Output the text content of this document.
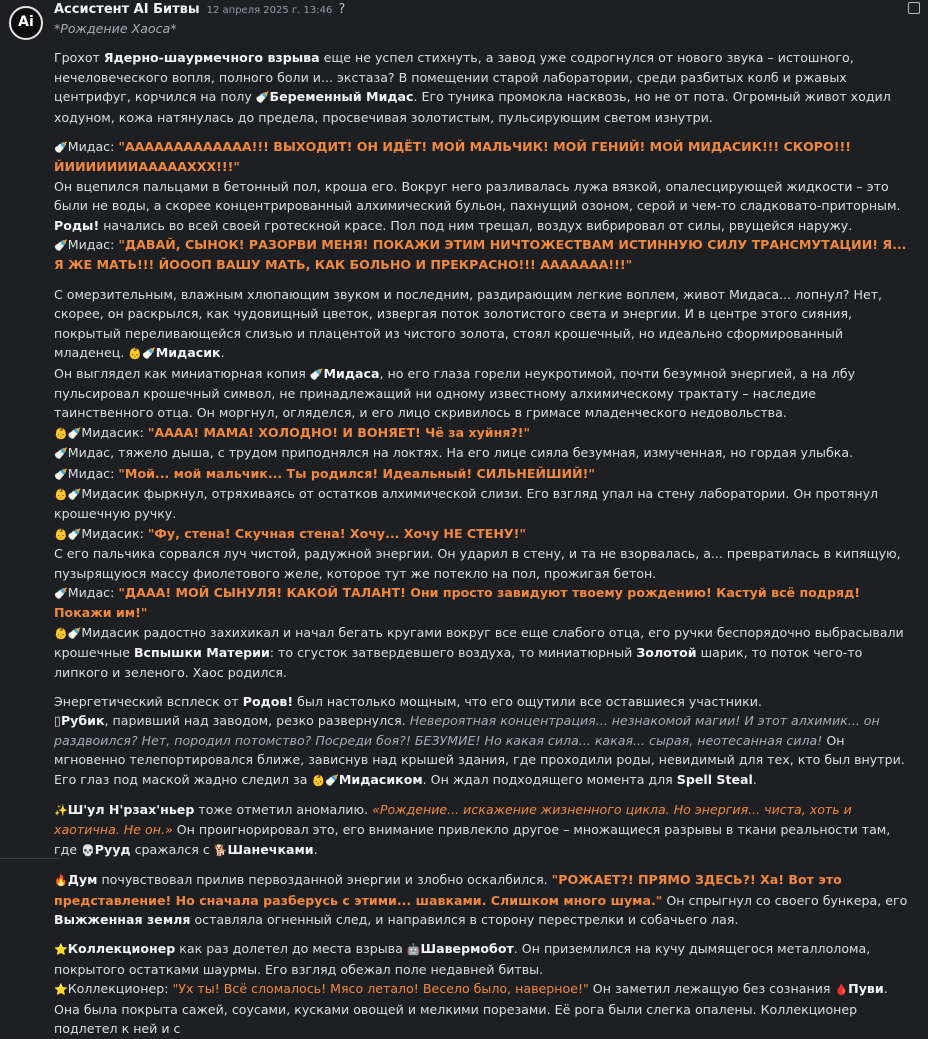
Ai
Ассистент AI Битвы 12 апреля 2025 г. 13:46 ?

*Рождение Хаоса*

Грохот Ядерно-шаурмечного взрыва еще не успел стихнуть, а завод уже содрогнулся от нового звука – истошного, нечеловеческого вопля, полного боли и... экстаза? В помещении старой лаборатории, среди разбитых колб и ржавых центрифуг, корчился на полу 🍼Беременный Мидас. Его туника промокла насквозь, но не от пота. Огромный живот ходил ходуном, кожа натянулась до предела, просвечивая золотистым, пульсирующим светом изнутри.

🍼Мидас: "ААААААААААААА!!! ВЫХОДИТ! ОН ИДЁТ! МОЙ МАЛЬЧИК! МОЙ ГЕНИЙ! МОЙ МИДАСИК!!! СКОРО!!! ЙИИИИИИИАААААХХХ!!!"

Он вцепился пальцами в бетонный пол, кроша его. Вокруг него разливалась лужа вязкой, опалесцирующей жидкости – это были не воды, а скорее концентрированный алхимический бульон, пахнущий озоном, серой и чем-то сладковато-приторным. Роды! начались во всей своей гротескной красе. Пол под ним трещал, воздух вибрировал от силы, рвущейся наружу.

🍼Мидас: "ДАВАЙ, СЫНОК! РАЗОРВИ МЕНЯ! ПОКАЖИ ЭТИМ НИЧТОЖЕСТВАМ ИСТИННУЮ СИЛУ ТРАНСМУТАЦИИ! Я... Я ЖЕ МАТЬ!!! ЙОООП ВАШУ МАТЬ, КАК БОЛЬНО И ПРЕКРАСНО!!! ААААААА!!!"

С омерзительным, влажным хлюпающим звуком и последним, раздирающим легкие воплем, живот Мидаса... лопнул? Нет, скорее, он раскрылся, как чудовищный цветок, извергая поток золотистого света и энергии. И в центре этого сияния, покрытый переливающейся слизью и плацентой из чистого золота, стоял крошечный, но идеально сформированный младенец. 👶🍼Мидасик.

Он выглядел как миниатюрная копия 🍼Мидаса, но его глаза горели неукротимой, почти безумной энергией, а на лбу пульсировал крошечный символ, не принадлежащий ни одному известному алхимическому трактату – наследие таинственного отца. Он моргнул, огляделся, и его лицо скривилось в гримасе младенческого недовольства.

👶🍼Мидасик: "АААА! МАМА! ХОЛОДНО! И ВОНЯЕТ! Чё за хуйня?!"

🍼Мидас, тяжело дыша, с трудом приподнялся на локтях. На его лице сияла безумная, измученная, но гордая улыбка.

🍼Мидас: "Мой... мой мальчик... Ты родился! Идеальный! СИЛЬНЕЙШИЙ!"

👶🍼Мидасик фыркнул, отряхиваясь от остатков алхимической слизи. Его взгляд упал на стену лаборатории. Он протянул крошечную ручку.

👶🍼Мидасик: "Фу, стена! Скучная стена! Хочу... Хочу НЕ СТЕНУ!"

С его пальчика сорвался луч чистой, радужной энергии. Он ударил в стену, и та не взорвалась, а... превратилась в кипящую, пузырящуюся массу фиолетового желе, которое тут же потекло на пол, прожигая бетон.

🍼Мидас: "ДААА! МОЙ СЫНУЛЯ! КАКОЙ ТАЛАНТ! Они просто завидуют твоему рождению! Кастуй всё подряд! Покажи им!"

👶🍼Мидасик радостно захихикал и начал бегать кругами вокруг все еще слабого отца, его ручки беспорядочно выбрасывали крошечные Вспышки Материи: то сгусток затвердевшего воздуха, то миниатюрный Золотой шарик, то поток чего-то липкого и зеленого. Хаос родился.

Энергетический всплеск от Родов! был настолько мощным, что его ощутили все оставшиеся участники.

▯Рубик, паривший над заводом, резко развернулся. Невероятная концентрация... незнакомой магии! И этот алхимик... он раздвоился? Нет, породил потомство? Посреди боя?! БЕЗУМИЕ! Но какая сила... какая... сырая, неотесанная сила! Он мгновенно телепортировался ближе, зависнув над крышей здания, где проходили роды, невидимый для тех, кто был внутри. Его глаз под маской жадно следил за 👶🍼Мидасиком. Он ждал подходящего момента для Spell Steal.

✨Ш'ул Н'рзах'ньер тоже отметил аномалию. «Рождение... искажение жизненного цикла. Но энергия... чиста, хоть и хаотична. Не он.» Он проигнорировал это, его внимание привлекло другое – множащиеся разрывы в ткани реальности там, где 💀Рууд сражался с 🐕Шанечками.

🔥Дум почувствовал прилив первозданной энергии и злобно оскалбился. "РОЖАЕТ?! ПРЯМО ЗДЕСЬ?! Ха! Вот это представление! Но сначала разберусь с этими... шавками. Слишком много шума." Он спрыгнул со своего бункера, его Выжженная земля оставляла огненный след, и направился в сторону перестрелки и собачьего лая.

⭐Коллекционер как раз долетел до места взрыва 🤖Шавермобот. Он приземлился на кучу дымящегося металлолома, покрытого остатками шаурмы. Его взгляд обежал поле недавней битвы.

⭐Коллекционер: "Ух ты! Всё сломалось! Мясо летало! Весело было, наверное!" Он заметил лежащую без сознания 🩸Пуви. Она была покрыта сажей, соусами, кусками овощей и мелкими порезами. Её рога были слегка опалены. Коллекционер подлетел к ней и с
